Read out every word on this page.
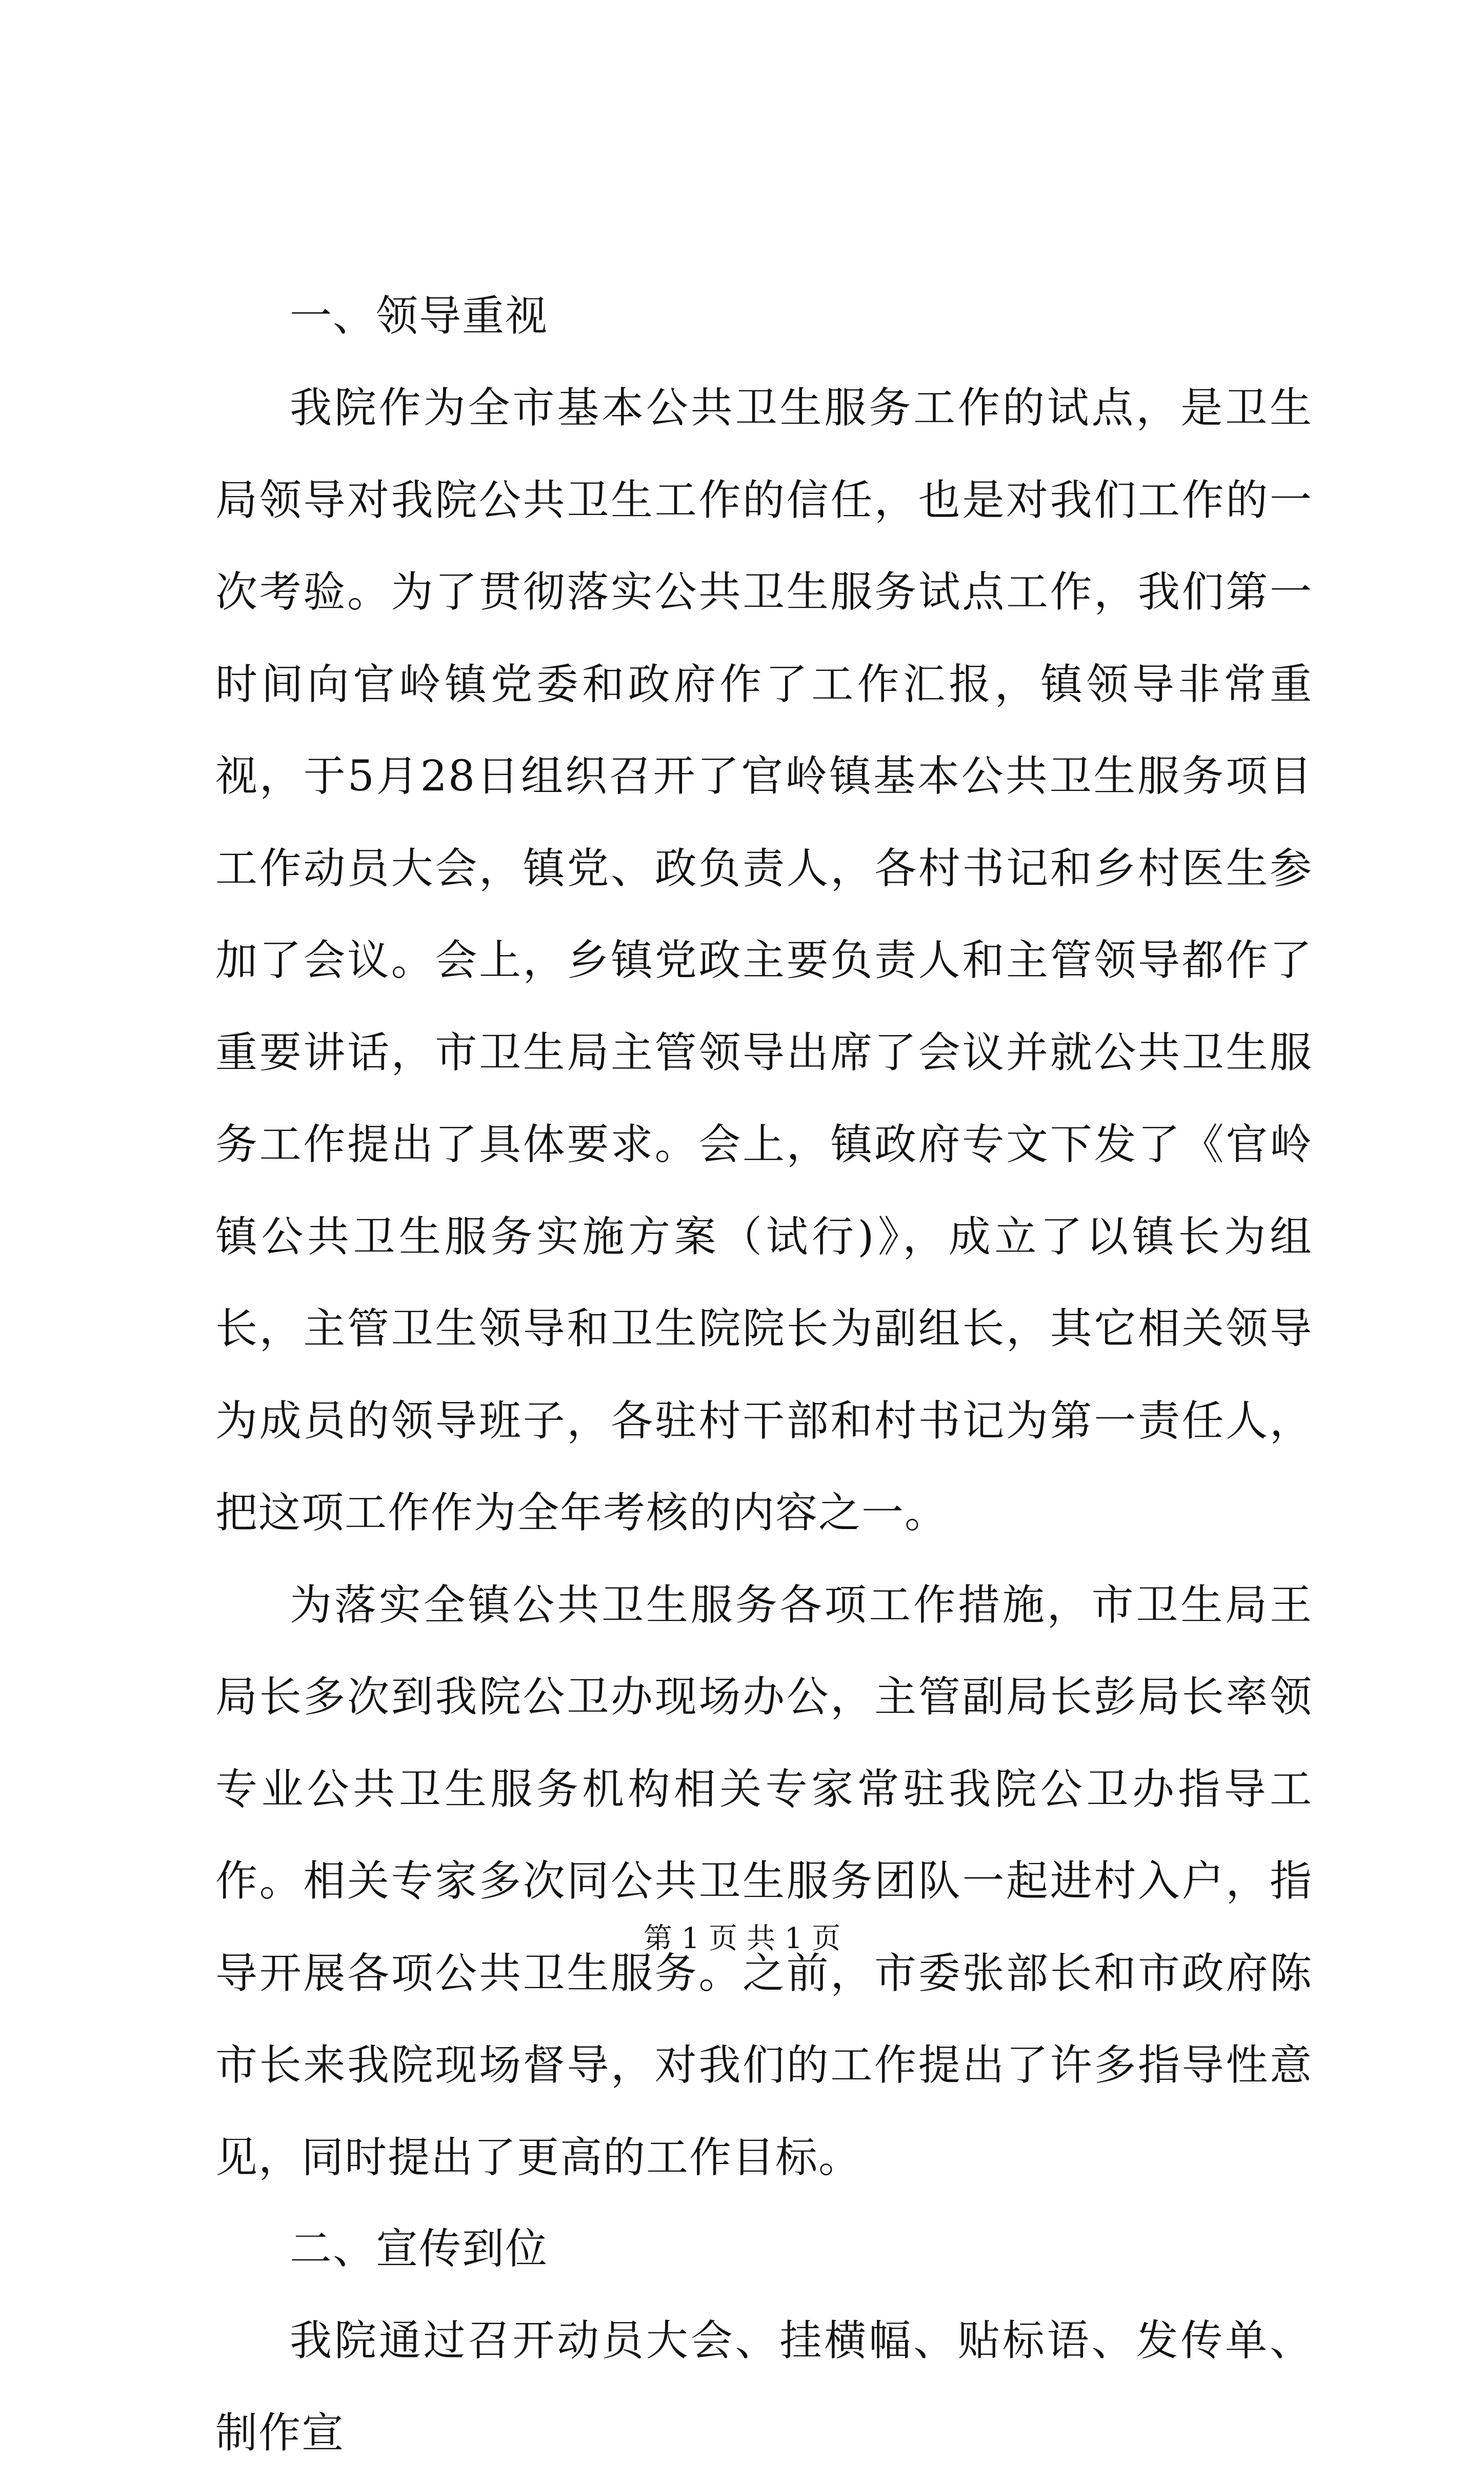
一、领导重视

我院作为全市基本公共卫生服务工作的试点，是卫生局领导对我院公共卫生工作的信任，也是对我们工作的一次考验。为了贯彻落实公共卫生服务试点工作，我们第一时间向官岭镇党委和政府作了工作汇报，镇领导非常重视，于5月28日组织召开了官岭镇基本公共卫生服务项目工作动员大会，镇党、政负责人，各村书记和乡村医生参加了会议。会上，乡镇党政主要负责人和主管领导都作了重要讲话，市卫生局主管领导出席了会议并就公共卫生服务工作提出了具体要求。会上，镇政府专文下发了《官岭镇公共卫生服务实施方案（试行)》，成立了以镇长为组长，主管卫生领导和卫生院院长为副组长，其它相关领导为成员的领导班子，各驻村干部和村书记为第一责任人，把这项工作作为全年考核的内容之一。

为落实全镇公共卫生服务各项工作措施，市卫生局王局长多次到我院公卫办现场办公，主管副局长彭局长率领专业公共卫生服务机构相关专家常驻我院公卫办指导工作。相关专家多次同公共卫生服务团队一起进村入户，指导开展各项公共卫生服务。之前，市委张部长和市政府陈市长来我院现场督导，对我们的工作提出了许多指导性意见，同时提出了更高的工作目标。

二、宣传到位

我院通过召开动员大会、挂横幅、贴标语、发传单、制作宣

第 1 页 共 1 页
